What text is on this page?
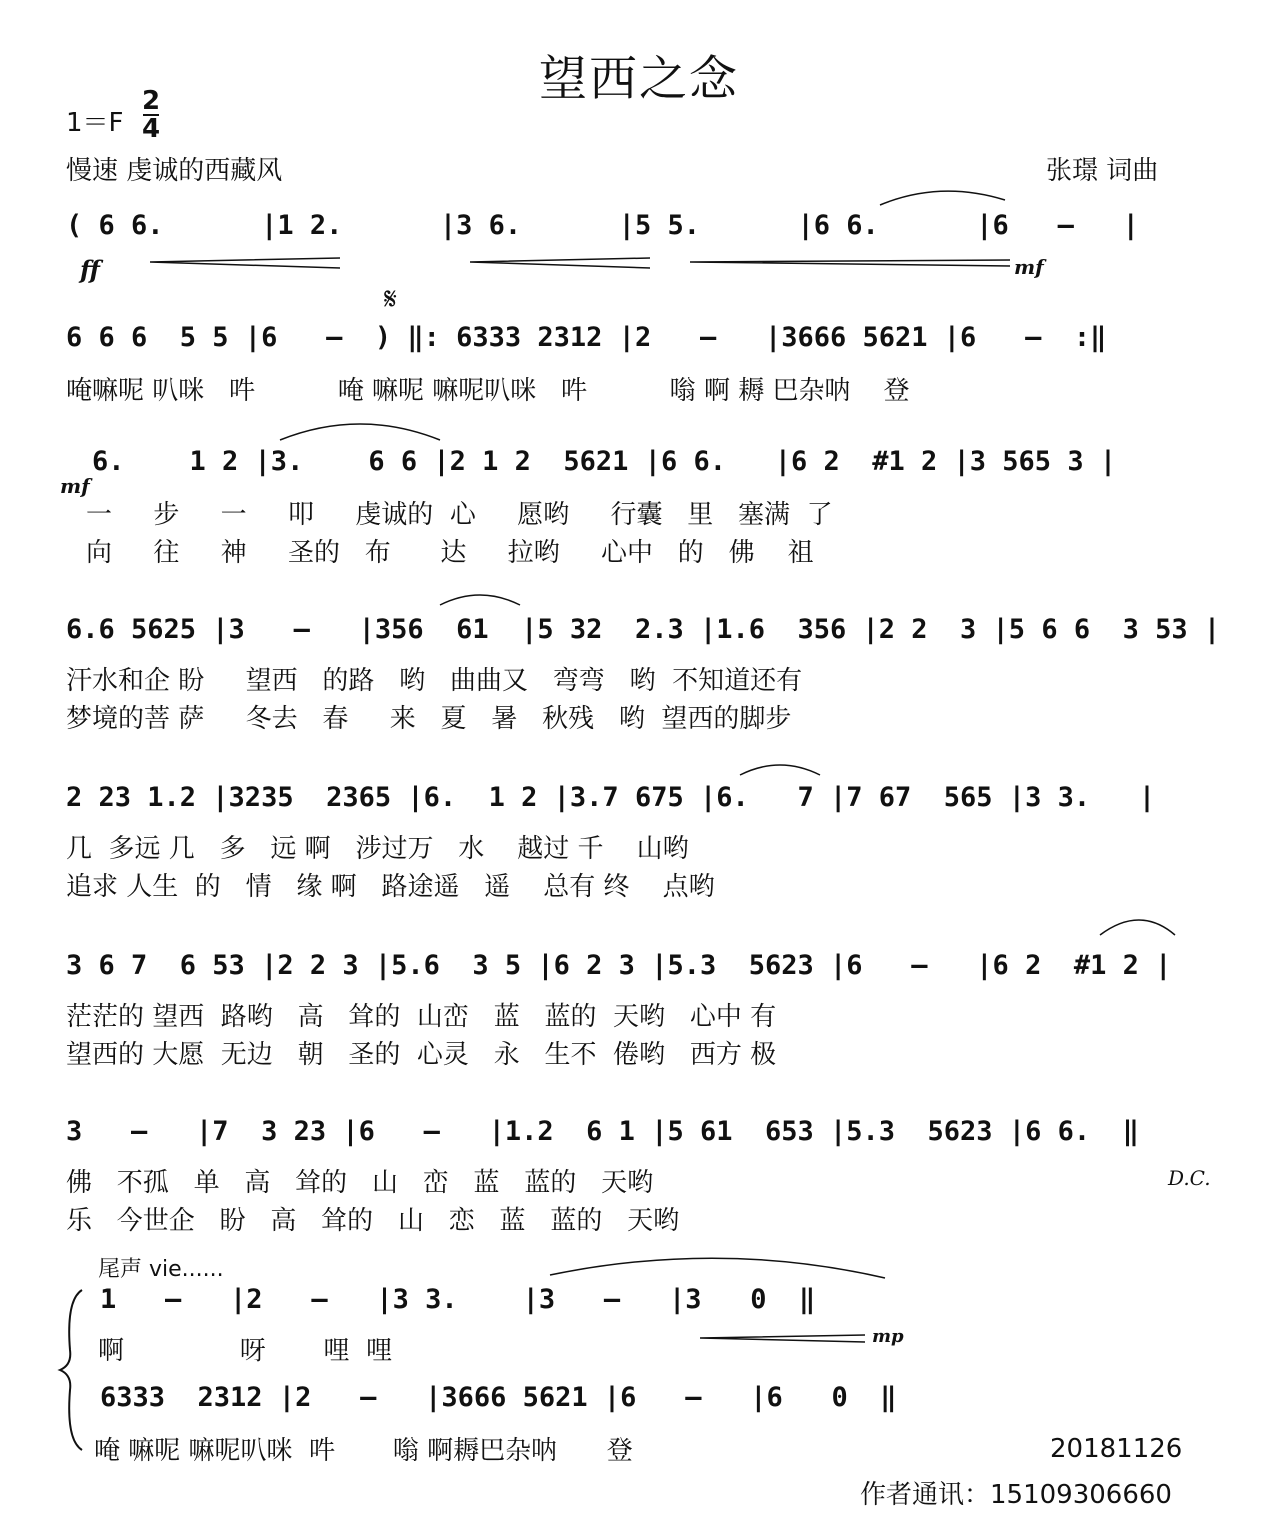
望西之念
1＝F
2
4
慢速 虔诚的西藏风	张璟 词曲
( 6 6.      |1 2.      |3 6.      |5 5.      |6 6.      |6   –   |
ff	mf
6 6 6  5 5 |6   –  ) ‖: 6333 2312 |2   –   |3666 5621 |6   –  :‖
𝄋
唵嘛呢 叭咪   吽          唵 嘛呢 嘛呢叭咪   吽          嗡 啊 耨 巴杂呐    登
mf
6.    1 2 |3.    6 6 |2 1 2  5621 |6 6.   |6 2  #1 2 |3 565 3 |
一     步     一     叩     虔诚的  心     愿哟     行囊   里   塞满  了
向     往     神     圣的   布      达     拉哟     心中   的   佛    祖
6.6 5625 |3   –   |356  61  |5 32  2.3 |1.6  356 |2 2  3 |5 6 6  3 53 |
汗水和企 盼     望西   的路   哟   曲曲又   弯弯   哟  不知道还有
梦境的菩 萨     冬去   春     来   夏   暑   秋残   哟  望西的脚步
2 23 1.2 |3235  2365 |6.  1 2 |3.7 675 |6.   7 |7 67  565 |3 3.   |
几  多远 几   多   远 啊   涉过万   水    越过 千    山哟
追求 人生  的   情   缘 啊   路途遥   遥    总有 终    点哟
3 6 7  6 53 |2 2 3 |5.6  3 5 |6 2 3 |5.3  5623 |6   –   |6 2  #1 2 |
茫茫的 望西  路哟   高   耸的  山峦   蓝   蓝的  天哟   心中 有
望西的 大愿  无边   朝   圣的  心灵   永   生不  倦哟   西方 极
3   –   |7  3 23 |6   –   |1.2  6 1 |5 61  653 |5.3  5623 |6 6.  ‖
佛   不孤   单   高   耸的   山   峦   蓝   蓝的   天哟
乐   今世企   盼   高   耸的   山   恋   蓝   蓝的   天哟
D.C.
尾声 vie......
1   –   |2   –   |3 3.    |3   –   |3   0  ‖
啊              呀       哩  哩	mp
6333  2312 |2   –   |3666 5621 |6   –   |6   0  ‖
唵 嘛呢 嘛呢叭咪  吽       嗡 啊耨巴杂呐      登	20181126
作者通讯：15109306660
